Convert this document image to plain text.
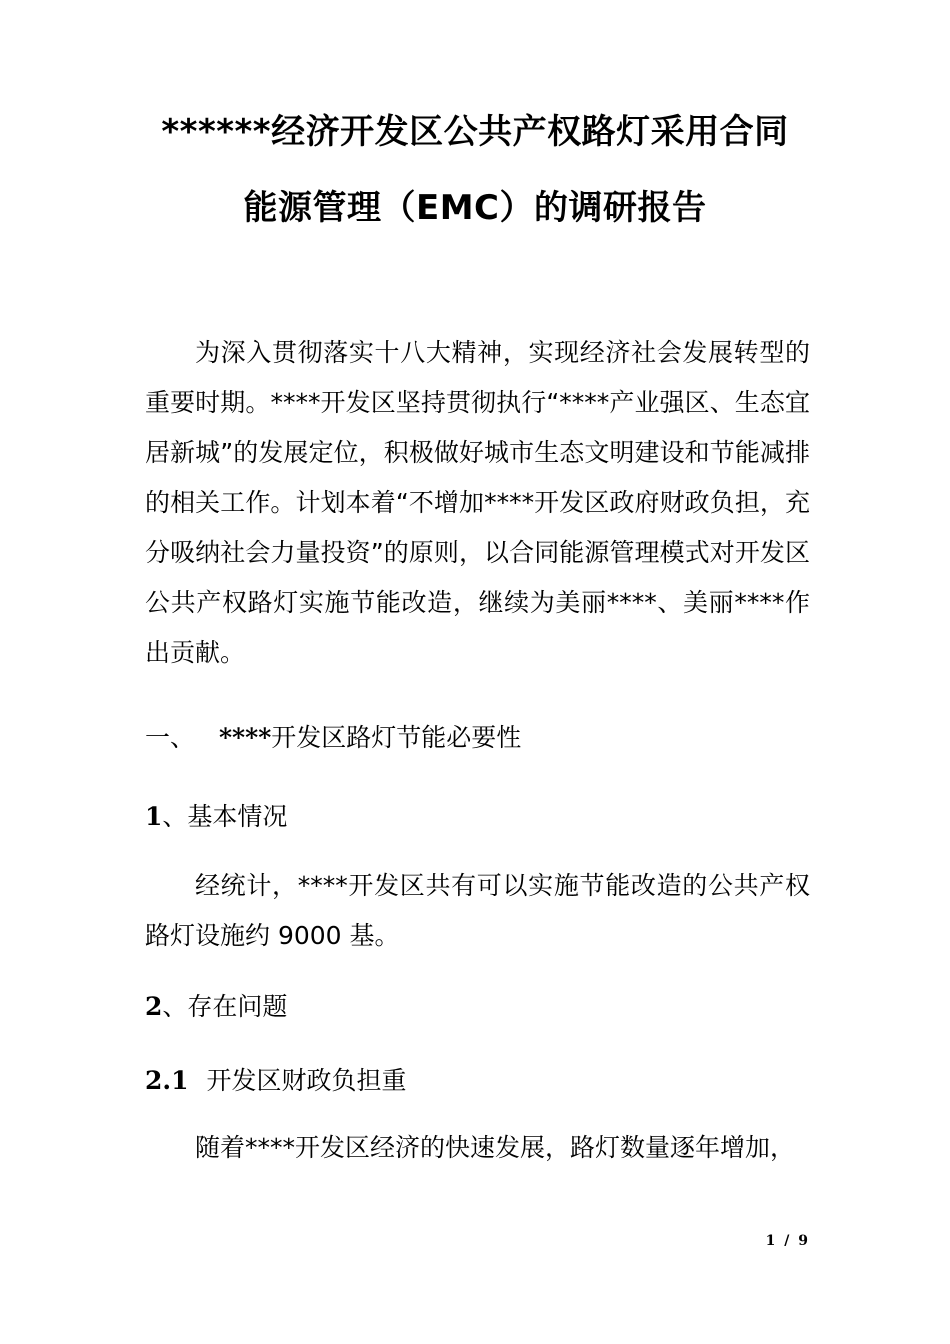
******经济开发区公共产权路灯采用合同
能源管理（EMC）的调研报告

为深入贯彻落实十八大精神，实现经济社会发展转型的重要时期。****开发区坚持贯彻执行“****产业强区、生态宜居新城”的发展定位，积极做好城市生态文明建设和节能减排的相关工作。计划本着“不增加****开发区政府财政负担，充分吸纳社会力量投资”的原则，以合同能源管理模式对开发区公共产权路灯实施节能改造，继续为美丽****、美丽****作出贡献。

一、 ****开发区路灯节能必要性
1、基本情况

经统计，****开发区共有可以实施节能改造的公共产权路灯设施约 9000 基。

2、存在问题
2.1 开发区财政负担重

随着****开发区经济的快速发展，路灯数量逐年增加，

1 / 9
